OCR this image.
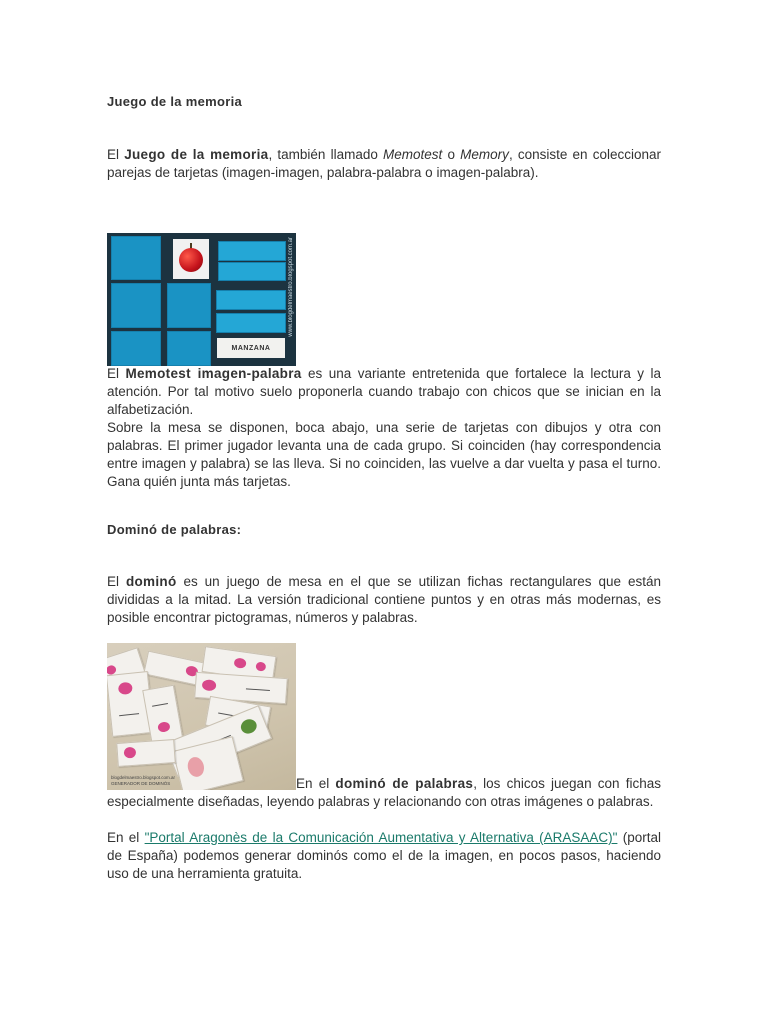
Juego de la memoria

El Juego de la memoria, también llamado Memotest o Memory, consiste en coleccionar parejas de tarjetas (imagen-imagen, palabra-palabra o imagen-palabra).

MANZANA
www.blogdelmaestro.blogspot.com.ar

El Memotest imagen-palabra es una variante entretenida que fortalece la lectura y la atención. Por tal motivo suelo proponerla cuando trabajo con chicos que se inician en la alfabetización.
Sobre la mesa se disponen, boca abajo, una serie de tarjetas con dibujos y otra con palabras. El primer jugador levanta una de cada grupo. Si coinciden (hay correspondencia entre imagen y palabra) se las lleva. Si no coinciden, las vuelve a dar vuelta y pasa el turno. Gana quién junta más tarjetas.

Dominó de palabras:

El dominó es un juego de mesa en el que se utilizan fichas rectangulares que están divididas a la mitad. La versión tradicional contiene puntos y en otras más modernas, es posible encontrar pictogramas, números y palabras.

blogdelmaestro.blogspot.com.ar
GENERADOR DE DOMINÓS	En el dominó de palabras, los chicos juegan con fichas especialmente diseñadas, leyendo palabras y relacionando con otras imágenes o palabras.

En el "Portal Aragonès de la Comunicación Aumentativa y Alternativa (ARASAAC)" (portal de España) podemos generar dominós como el de la imagen, en pocos pasos, haciendo uso de una herramienta gratuita.
